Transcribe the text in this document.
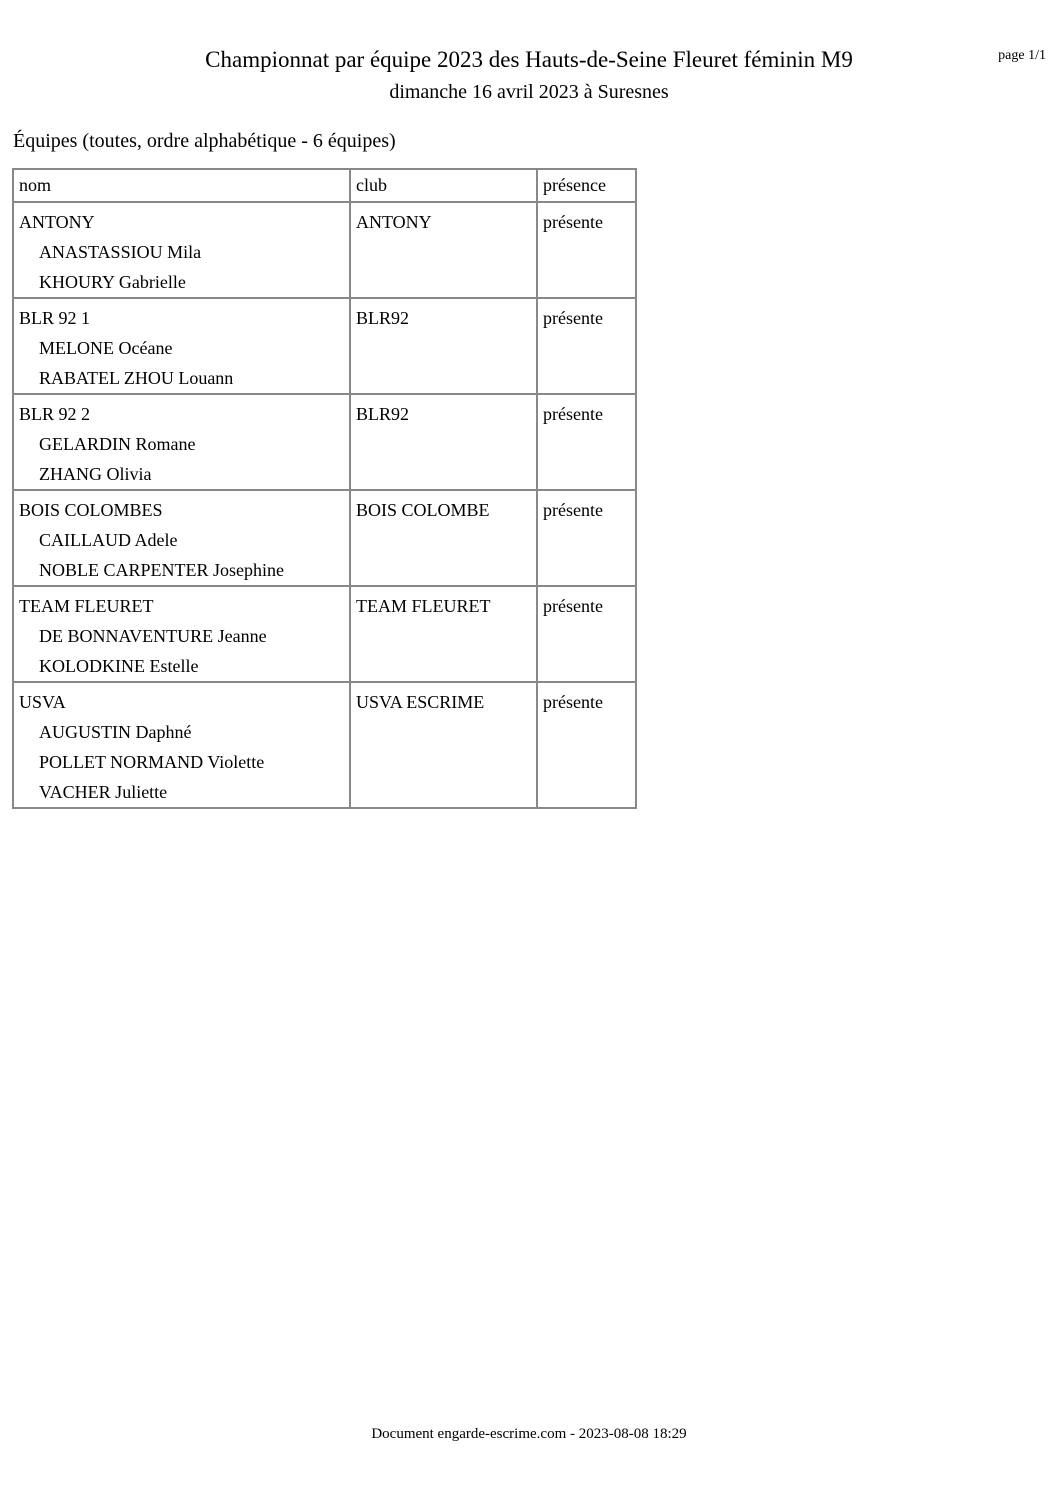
Championnat par équipe 2023 des Hauts-de-Seine Fleuret féminin M9
dimanche 16 avril 2023 à Suresnes
page 1/1
Équipes (toutes, ordre alphabétique - 6 équipes)
nom	club	présence

ANTONY
ANASTASSIOU Mila
KHOURY Gabrielle	ANTONY	présente

BLR 92 1
MELONE Océane
RABATEL ZHOU Louann	BLR92	présente

BLR 92 2
GELARDIN Romane
ZHANG Olivia	BLR92	présente

BOIS COLOMBES
CAILLAUD Adele
NOBLE CARPENTER Josephine	BOIS COLOMBE	présente

TEAM FLEURET
DE BONNAVENTURE Jeanne
KOLODKINE Estelle	TEAM FLEURET	présente

USVA
AUGUSTIN Daphné
POLLET NORMAND Violette
VACHER Juliette	USVA ESCRIME	présente
Document engarde-escrime.com - 2023-08-08 18:29
